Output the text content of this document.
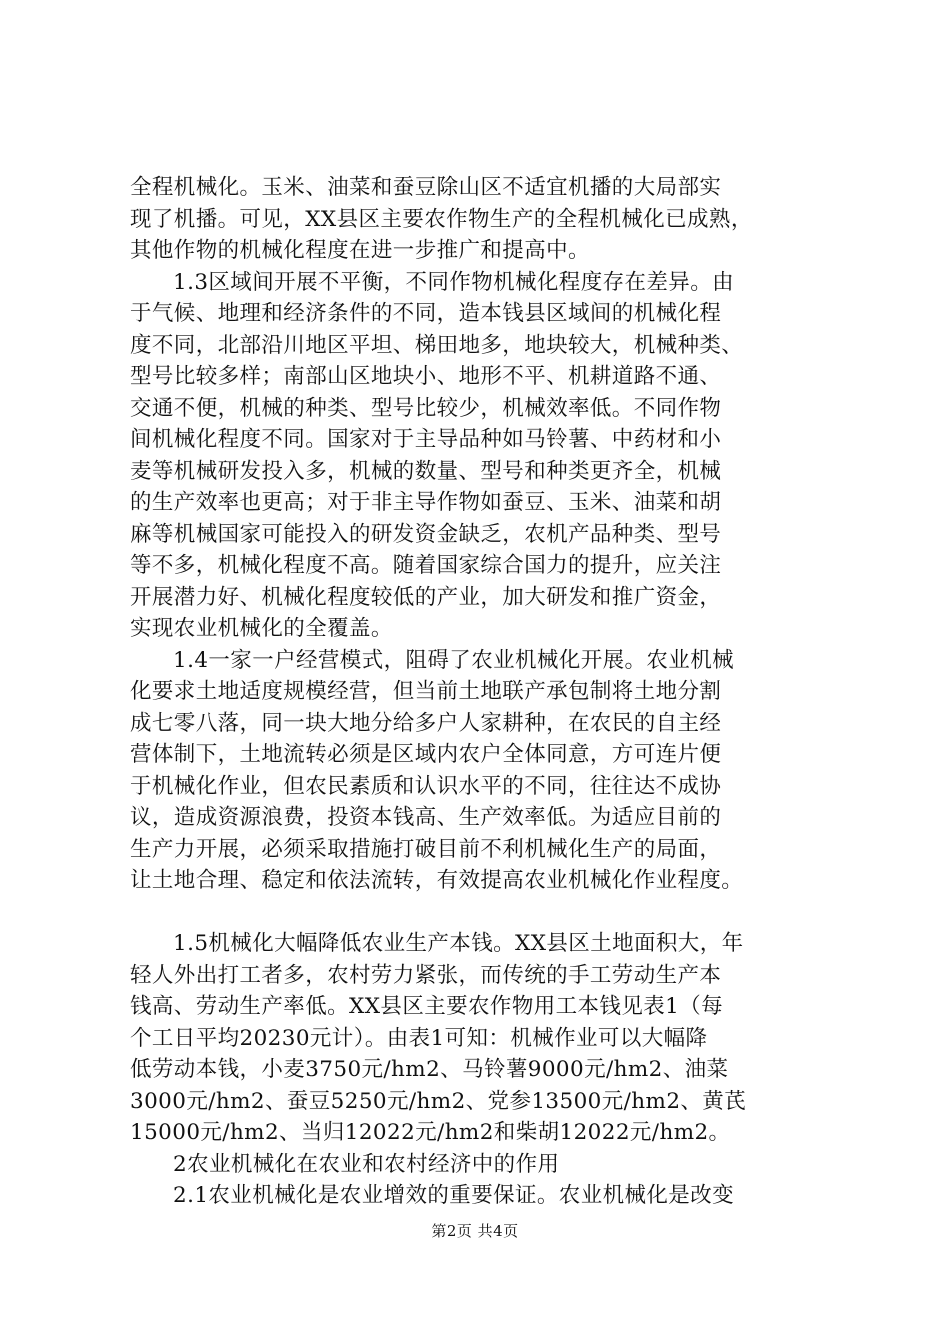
全程机械化。玉米、油菜和蚕豆除山区不适宜机播的大局部实
现了机播。可见，XX县区主要农作物生产的全程机械化已成熟，
其他作物的机械化程度在进一步推广和提高中。
1.3区域间开展不平衡，不同作物机械化程度存在差异。由
于气候、地理和经济条件的不同，造本钱县区域间的机械化程
度不同，北部沿川地区平坦、梯田地多，地块较大，机械种类、
型号比较多样；南部山区地块小、地形不平、机耕道路不通、
交通不便，机械的种类、型号比较少，机械效率低。不同作物
间机械化程度不同。国家对于主导品种如马铃薯、中药材和小
麦等机械研发投入多，机械的数量、型号和种类更齐全，机械
的生产效率也更高；对于非主导作物如蚕豆、玉米、油菜和胡
麻等机械国家可能投入的研发资金缺乏，农机产品种类、型号
等不多，机械化程度不高。随着国家综合国力的提升，应关注
开展潜力好、机械化程度较低的产业，加大研发和推广资金，
实现农业机械化的全覆盖。
1.4一家一户经营模式，阻碍了农业机械化开展。农业机械
化要求土地适度规模经营，但当前土地联产承包制将土地分割
成七零八落，同一块大地分给多户人家耕种，在农民的自主经
营体制下，土地流转必须是区域内农户全体同意，方可连片便
于机械化作业，但农民素质和认识水平的不同，往往达不成协
议，造成资源浪费，投资本钱高、生产效率低。为适应目前的
生产力开展，必须采取措施打破目前不利机械化生产的局面，
让土地合理、稳定和依法流转，有效提高农业机械化作业程度。
1.5机械化大幅降低农业生产本钱。XX县区土地面积大，年
轻人外出打工者多，农村劳力紧张，而传统的手工劳动生产本
钱高、劳动生产率低。XX县区主要农作物用工本钱见表1（每
个工日平均20230元计）。由表1可知：机械作业可以大幅降
低劳动本钱，小麦3750元/hm2、马铃薯9000元/hm2、油菜
3000元/hm2、蚕豆5250元/hm2、党参13500元/hm2、黄芪
15000元/hm2、当归12022元/hm2和柴胡12022元/hm2。
2农业机械化在农业和农村经济中的作用
2.1农业机械化是农业增效的重要保证。农业机械化是改变
第2页 共4页
